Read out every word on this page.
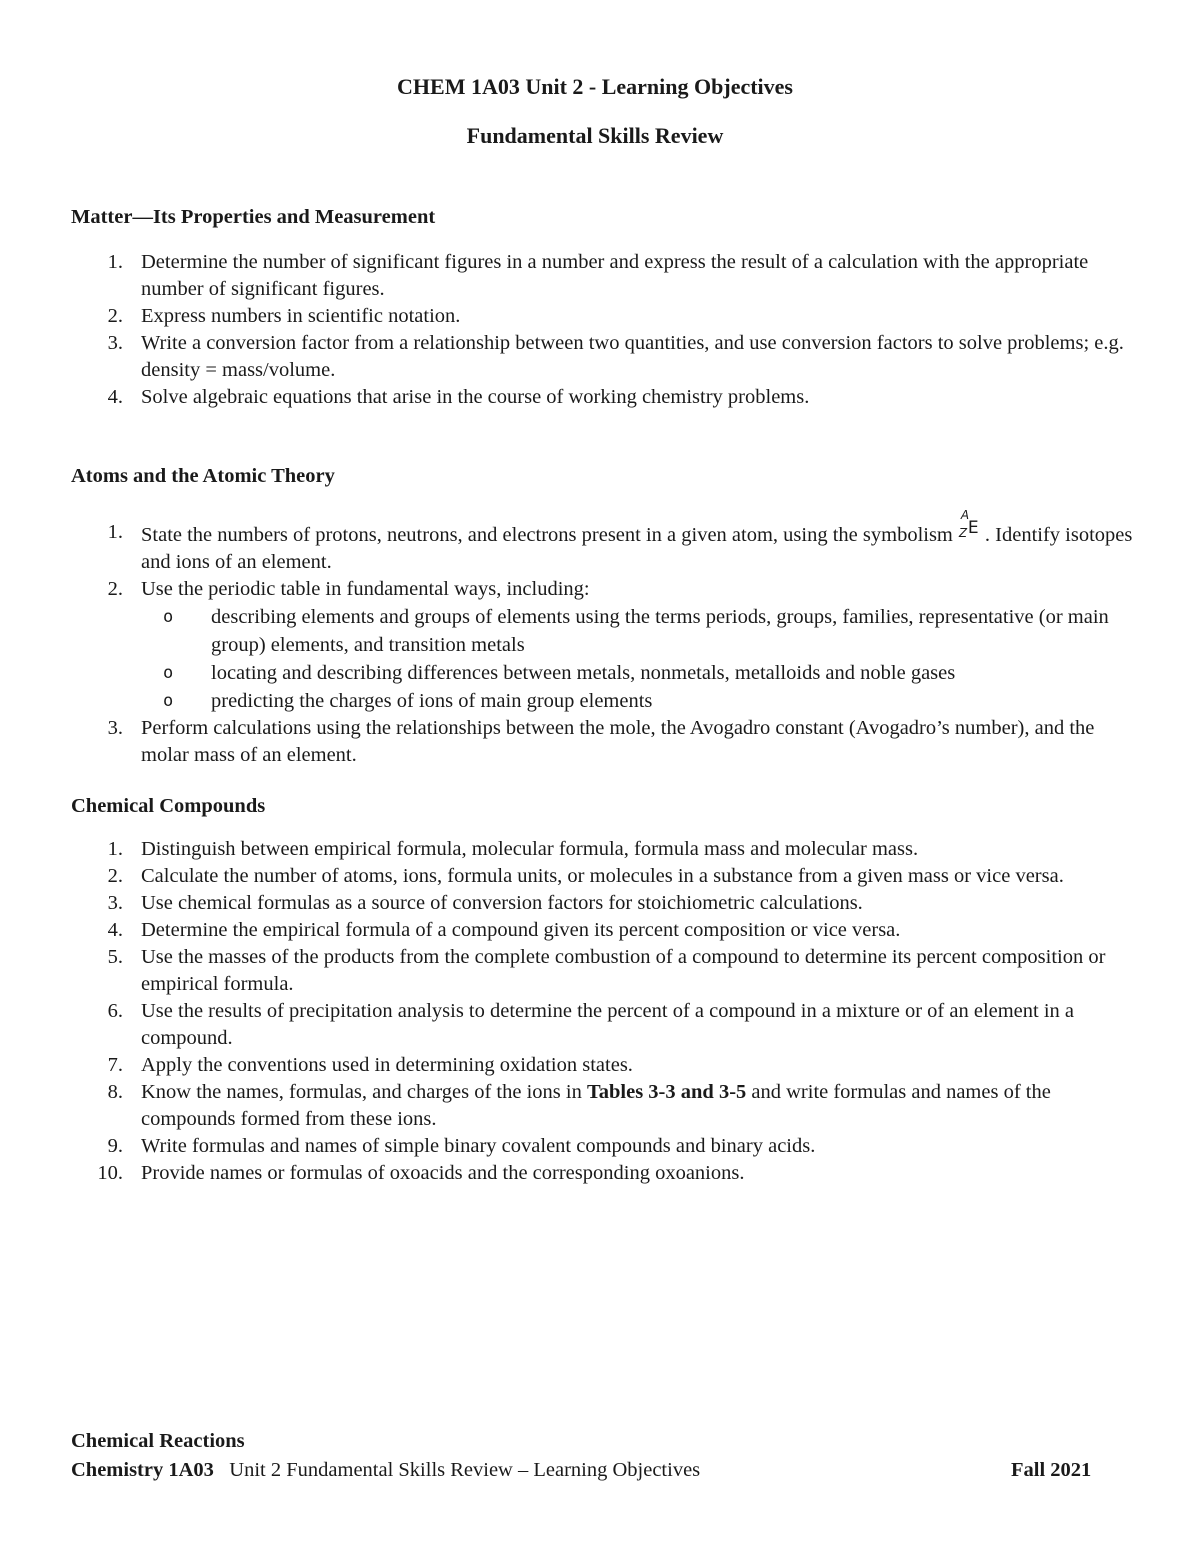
CHEM 1A03 Unit 2 - Learning Objectives
Fundamental Skills Review
Matter—Its Properties and Measurement
1. Determine the number of significant figures in a number and express the result of a calculation with the appropriate number of significant figures.
2. Express numbers in scientific notation.
3. Write a conversion factor from a relationship between two quantities, and use conversion factors to solve problems; e.g. density = mass/volume.
4. Solve algebraic equations that arise in the course of working chemistry problems.
Atoms and the Atomic Theory
1. State the numbers of protons, neutrons, and electrons present in a given atom, using the symbolism
A
Z E . Identify isotopes and ions of an element.
2. Use the periodic table in fundamental ways, including:
o describing elements and groups of elements using the terms periods, groups, families, representative (or main group) elements, and transition metals
o locating and describing differences between metals, nonmetals, metalloids and noble gases
o predicting the charges of ions of main group elements
3. Perform calculations using the relationships between the mole, the Avogadro constant (Avogadro’s number), and the molar mass of an element.
Chemical Compounds
1. Distinguish between empirical formula, molecular formula, formula mass and molecular mass.
2. Calculate the number of atoms, ions, formula units, or molecules in a substance from a given mass or vice versa.
3. Use chemical formulas as a source of conversion factors for stoichiometric calculations.
4. Determine the empirical formula of a compound given its percent composition or vice versa.
5. Use the masses of the products from the complete combustion of a compound to determine its percent composition or empirical formula.
6. Use the results of precipitation analysis to determine the percent of a compound in a mixture or of an element in a compound.
7. Apply the conventions used in determining oxidation states.
8. Know the names, formulas, and charges of the ions in Tables 3-3 and 3-5 and write formulas and names of the compounds formed from these ions.
9. Write formulas and names of simple binary covalent compounds and binary acids.
10. Provide names or formulas of oxoacids and the corresponding oxoanions.
Chemical Reactions

Chemistry 1A03 Unit 2 Fundamental Skills Review – Learning Objectives	Fall 2021
